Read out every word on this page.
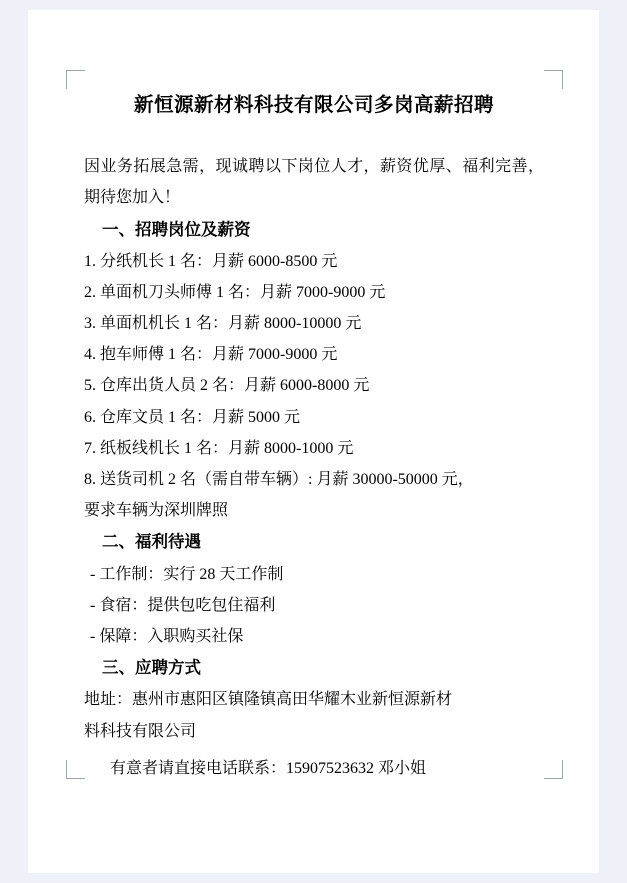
新恒源新材料科技有限公司多岗高薪招聘

因业务拓展急需，现诚聘以下岗位人才，薪资优厚、福利完善，期待您加入！

一、招聘岗位及薪资

1. 分纸机长 1 名：月薪 6000-8500 元

2. 单面机刀头师傅 1 名：月薪 7000-9000 元

3. 单面机机长 1 名：月薪 8000-10000 元

4. 抱车师傅 1 名：月薪 7000-9000 元

5. 仓库出货人员 2 名：月薪 6000-8000 元

6. 仓库文员 1 名：月薪 5000 元

7. 纸板线机长 1 名：月薪 8000-1000 元

8. 送货司机 2 名（需自带车辆）: 月薪 30000-50000 元，

要求车辆为深圳牌照

二、福利待遇

- 工作制：实行 28 天工作制

- 食宿：提供包吃包住福利

- 保障：入职购买社保

三、应聘方式

地址：惠州市惠阳区镇隆镇高田华耀木业新恒源新材

料科技有限公司

有意者请直接电话联系：15907523632 邓小姐
